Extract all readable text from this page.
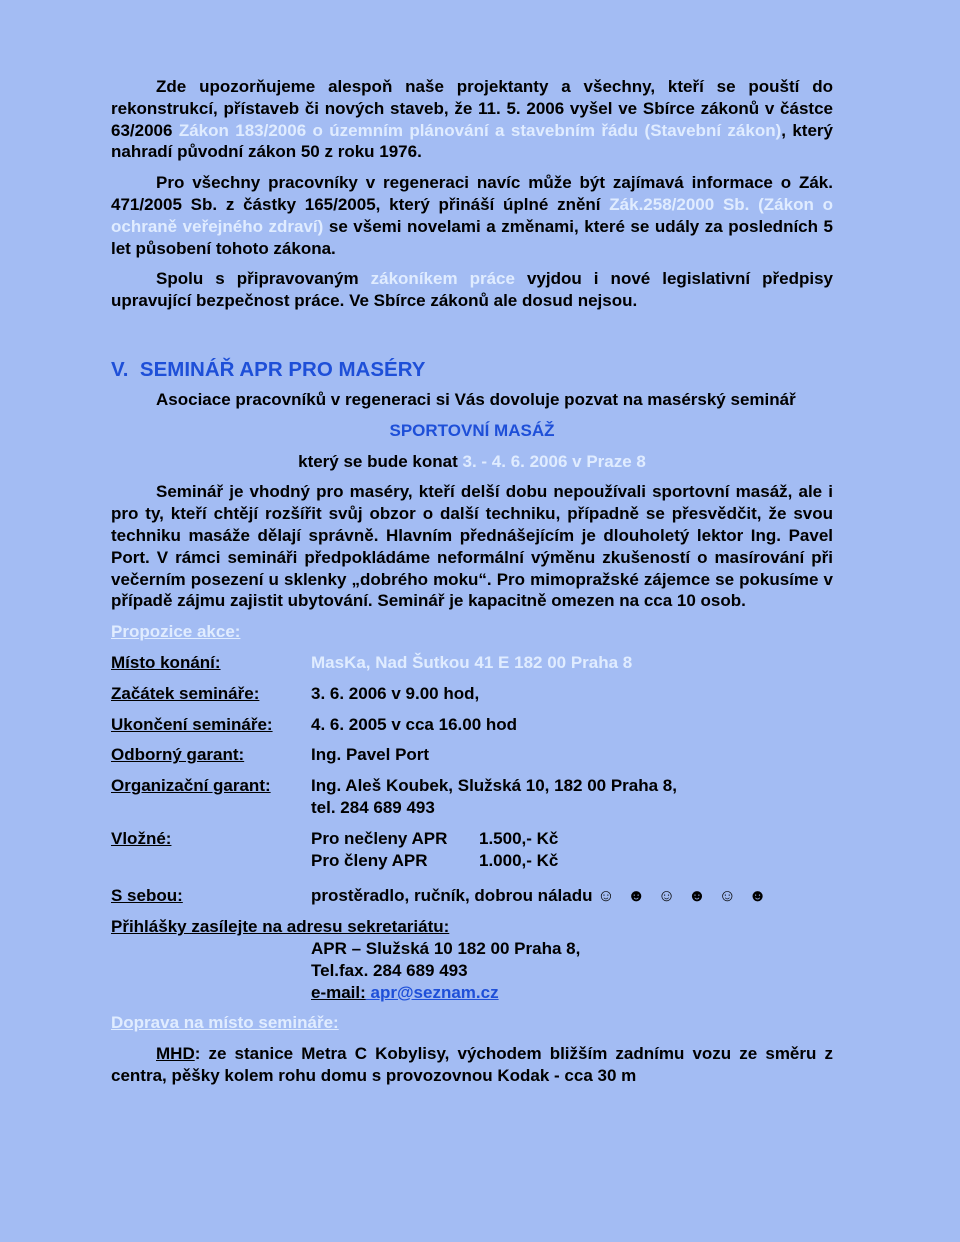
Zde upozorňujeme alespoň naše projektanty a všechny, kteří se pouští do rekonstrukcí, přístaveb či nových staveb, že 11. 5. 2006 vyšel ve Sbírce zákonů v částce 63/2006 Zákon 183/2006 o územním plánování a stavebním řádu (Stavební zákon), který nahradí původní zákon 50 z roku 1976.

Pro všechny pracovníky v regeneraci navíc může být zajímavá informace o Zák. 471/2005 Sb. z částky 165/2005, který přináší úplné znění Zák.258/2000 Sb. (Zákon o ochraně veřejného zdraví) se všemi novelami a změnami, které se udály za posledních 5 let působení tohoto zákona.

Spolu s připravovaným zákoníkem práce vyjdou i nové legislativní předpisy upravující bezpečnost práce. Ve Sbírce zákonů ale dosud nejsou.

V. SEMINÁŘ APR PRO MASÉRY

Asociace pracovníků v regeneraci si Vás dovoluje pozvat na masérský seminář

SPORTOVNÍ MASÁŽ

který se bude konat 3. - 4. 6. 2006 v Praze 8

Seminář je vhodný pro maséry, kteří delší dobu nepoužívali sportovní masáž, ale i pro ty, kteří chtějí rozšířit svůj obzor o další techniku, případně se přesvědčit, že svou techniku masáže dělají správně. Hlavním přednášejícím je dlouholetý lektor Ing. Pavel Port. V rámci semináři předpokládáme neformální výměnu zkušeností o masírování při večerním posezení u sklenky „dobrého moku“. Pro mimopražské zájemce se pokusíme v případě zájmu zajistit ubytování. Seminář je kapacitně omezen na cca 10 osob.

Propozice akce:

Místo konání:	MasKa, Nad Šutkou 41 E 182 00 Praha 8
Začátek semináře:	3. 6. 2006 v 9.00 hod,
Ukončení semináře:	4. 6. 2005 v cca 16.00 hod
Odborný garant:	Ing. Pavel Port
Organizační garant:	Ing. Aleš Koubek, Služská 10, 182 00 Praha 8,
tel. 284 689 493
Vložné:	Pro nečleny APR	1.500,- Kč
Pro členy APR	1.000,- Kč
S sebou:	prostěradlo, ručník, dobrou náladu ☺ ☻ ☺ ☻ ☺ ☻

Přihlášky zasílejte na adresu sekretariátu:

APR – Služská 10 182 00 Praha 8,
Tel.fax. 284 689 493
e-mail: apr@seznam.cz

Doprava na místo semináře:

MHD: ze stanice Metra C Kobylisy, východem bližším zadnímu vozu ze směru z centra, pěšky kolem rohu domu s provozovnou Kodak - cca 30 m
